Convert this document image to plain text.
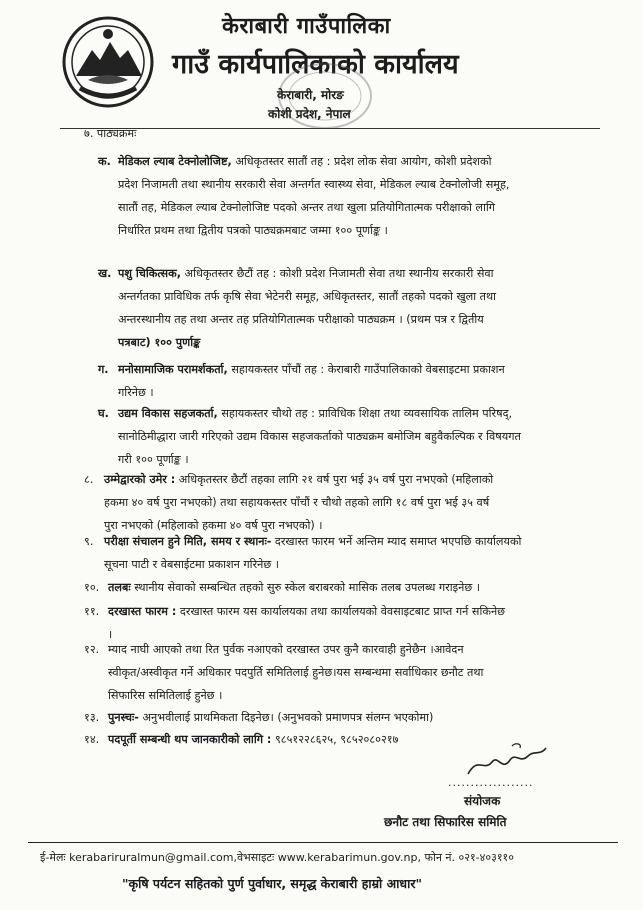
केराबारी गाउँपालिका
गाउँ कार्यपालिकाको कार्यालय
केराबारी, मोरङ
कोशी प्रदेश, नेपाल
७. पाठ्यक्रमः
क. मेडिकल ल्याब टेक्नोलोजिष्ट, अधिकृतस्तर सातौं तह : प्रदेश लोक सेवा आयोग, कोशी प्रदेशको
प्रदेश निजामती तथा स्थानीय सरकारी सेवा अन्तर्गत स्वास्थ्य सेवा, मेडिकल ल्याब टेक्नोलोजी समूह,
सातौं तह, मेडिकल ल्याब टेक्नोलोजिष्ट पदको अन्तर तथा खुला प्रतियोगितात्मक परीक्षाको लागि
निर्धारित प्रथम तथा द्वितीय पत्रको पाठ्यक्रमबाट जम्मा १०० पूर्णाङ्क ।
ख. पशु चिकित्सक, अधिकृतस्तर छैटौं तह : कोशी प्रदेश निजामती सेवा तथा स्थानीय सरकारी सेवा
अन्तर्गतका प्राविधिक तर्फ कृषि सेवा भेटेनरी समूह, अधिकृतस्तर, सातौं तहको पदको खुला तथा
अन्तरस्थानीय तह तथा अन्तर तह प्रतियोगितात्मक परीक्षाको पाठ्यक्रम । (प्रथम पत्र र द्वितीय
पत्रबाट) १०० पुर्णाङ्क
ग. मनोसामाजिक परामर्शकर्ता, सहायकस्तर पाँचौं तह : केराबारी गाउँपालिकाको वेबसाइटमा प्रकाशन
गरिनेछ ।
घ. उद्यम विकास सहजकर्ता, सहायकस्तर चौथो तह : प्राविधिक शिक्षा तथा व्यवसायिक तालिम परिषद्,
सानोठिमीद्धारा जारी गरिएको उद्यम विकास सहजकर्ताको पाठ्यक्रम बमोजिम बहुवैकल्पिक र विषयगत
गरी १०० पूर्णाङ्क ।
८. उम्मेद्वारको उमेर : अधिकृतस्तर छैटौं तहका लागि २१ वर्ष पुरा भई ३५ वर्ष पुरा नभएको (महिलाको
हकमा ४० वर्ष पुरा नभएको) तथा सहायकस्तर पाँचौं र चौथो तहको लागि १८ वर्ष पुरा भई ३५ वर्ष
पुरा नभएको (महिलाको हकमा ४० वर्ष पुरा नभएको) ।
९. परीक्षा संचालन हुने मिति, समय र स्थानः- दरखास्त फारम भर्ने अन्तिम म्याद समाप्त भएपछि कार्यालयको
सूचना पाटी र वेबसाईटमा प्रकाशन गरिनेछ ।
१०. तलबः स्थानीय सेवाको सम्बन्धित तहको सुरु स्केल बराबरको मासिक तलब उपलब्ध गराइनेछ ।
११. दरखास्त फारम : दरखास्त फारम यस कार्यालयका तथा कार्यालयको वेवसाइटबाट प्राप्त गर्न सकिनेछ
।
१२. म्याद नाघी आएको तथा रित पुर्वक नआएको दरखास्त उपर कुनै कारवाही हुनेछैन ।आवेदन
स्वीकृत/अस्वीकृत गर्ने अधिकार पदपुर्ति समितिलाई हुनेछ।यस सम्बन्धमा सर्वाधिकार छनौट तथा
सिफारिस समितिलाई हुनेछ ।
१३. पुनस्चः- अनुभवीलाई प्राथमिकता दिइनेछ। (अनुभवको प्रमाणपत्र संलग्न भएकोमा)
१४. पदपूर्ती सम्बन्धी थप जानकारीको लागि : ९८५१२२८६२५, ९८५२०८०२१७
...................
संयोजक
छनौट तथा सिफारिस समिति
ई-मेलः kerabariruralmun@gmail.com,वेभसाइटः www.kerabarimun.gov.np, फोन नं. ०२१-४०३११०
"कृषि पर्यटन सहितको पुर्ण पुर्वाधार, समृद्ध केराबारी हाम्रो आधार"
